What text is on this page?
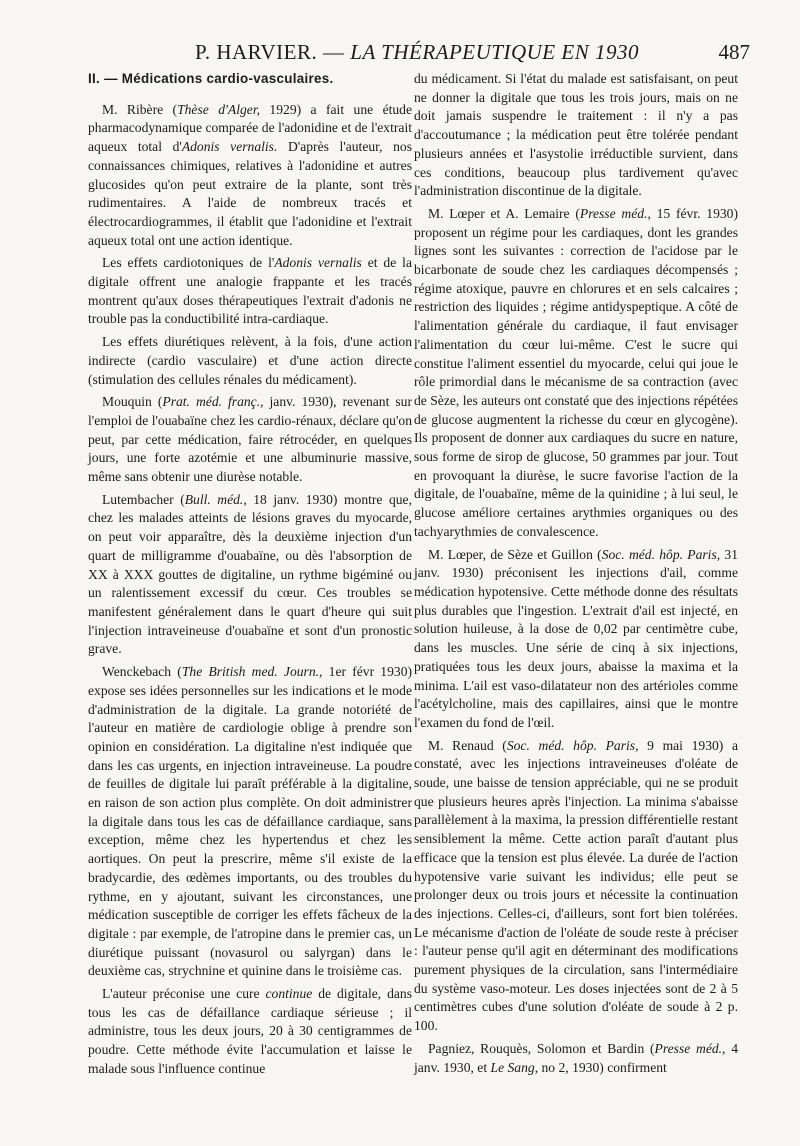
P. HARVIER. — LA THÉRAPEUTIQUE EN 1930	487
II. — Médications cardio-vasculaires.

M. Ribère (Thèse d'Alger, 1929) a fait une étude pharmacodynamique comparée de l'adonidine et de l'extrait aqueux total d'Adonis vernalis. D'après l'auteur, nos connaissances chimiques, relatives à l'adonidine et autres glucosides qu'on peut extraire de la plante, sont très rudimentaires. A l'aide de nombreux tracés et électrocardiogrammes, il établit que l'adonidine et l'extrait aqueux total ont une action identique.

Les effets cardiotoniques de l'Adonis vernalis et de la digitale offrent une analogie frappante et les tracés montrent qu'aux doses thérapeutiques l'extrait d'adonis ne trouble pas la conductibilité intra-cardiaque.

Les effets diurétiques relèvent, à la fois, d'une action indirecte (cardio vasculaire) et d'une action directe (stimulation des cellules rénales du médicament).

Mouquin (Prat. méd. franç., janv. 1930), revenant sur l'emploi de l'ouabaïne chez les cardio-rénaux, déclare qu'on peut, par cette médication, faire rétrocéder, en quelques jours, une forte azotémie et une albuminurie massive, même sans obtenir une diurèse notable.

Lutembacher (Bull. méd., 18 janv. 1930) montre que, chez les malades atteints de lésions graves du myocarde, on peut voir apparaître, dès la deuxième injection d'un quart de milligramme d'ouabaïne, ou dès l'absorption de XX à XXX gouttes de digitaline, un rythme bigéminé ou un ralentissement excessif du cœur. Ces troubles se manifestent généralement dans le quart d'heure qui suit l'injection intraveineuse d'ouabaïne et sont d'un pronostic grave.

Wenckebach (The British med. Journ., 1er févr 1930) expose ses idées personnelles sur les indications et le mode d'administration de la digitale. La grande notoriété de l'auteur en matière de cardiologie oblige à prendre son opinion en considération. La digitaline n'est indiquée que dans les cas urgents, en injection intraveineuse. La poudre de feuilles de digitale lui paraît préférable à la digitaline, en raison de son action plus complète. On doit administrer la digitale dans tous les cas de défaillance cardiaque, sans exception, même chez les hypertendus et chez les aortiques. On peut la prescrire, même s'il existe de la bradycardie, des œdèmes importants, ou des troubles du rythme, en y ajoutant, suivant les circonstances, une médication susceptible de corriger les effets fâcheux de la digitale : par exemple, de l'atropine dans le premier cas, un diurétique puissant (novasurol ou salyrgan) dans le deuxième cas, strychnine et quinine dans le troisième cas.

L'auteur préconise une cure continue de digitale, dans tous les cas de défaillance cardiaque sérieuse ; il administre, tous les deux jours, 20 à 30 centigrammes de poudre. Cette méthode évite l'accumulation et laisse le malade sous l'influence continue

du médicament. Si l'état du malade est satisfaisant, on peut ne donner la digitale que tous les trois jours, mais on ne doit jamais suspendre le traitement : il n'y a pas d'accoutumance ; la médication peut être tolérée pendant plusieurs années et l'asystolie irréductible survient, dans ces conditions, beaucoup plus tardivement qu'avec l'administration discontinue de la digitale.

M. Lœper et A. Lemaire (Presse méd., 15 févr. 1930) proposent un régime pour les cardiaques, dont les grandes lignes sont les suivantes : correction de l'acidose par le bicarbonate de soude chez les cardiaques décompensés ; régime atoxique, pauvre en chlorures et en sels calcaires ; restriction des liquides ; régime antidyspeptique. A côté de l'alimentation générale du cardiaque, il faut envisager l'alimentation du cœur lui-même. C'est le sucre qui constitue l'aliment essentiel du myocarde, celui qui joue le rôle primordial dans le mécanisme de sa contraction (avec de Sèze, les auteurs ont constaté que des injections répétées de glucose augmentent la richesse du cœur en glycogène). Ils proposent de donner aux cardiaques du sucre en nature, sous forme de sirop de glucose, 50 grammes par jour. Tout en provoquant la diurèse, le sucre favorise l'action de la digitale, de l'ouabaïne, même de la quinidine ; à lui seul, le glucose améliore certaines arythmies organiques ou des tachyarythmies de convalescence.

M. Lœper, de Sèze et Guillon (Soc. méd. hôp. Paris, 31 janv. 1930) préconisent les injections d'ail, comme médication hypotensive. Cette méthode donne des résultats plus durables que l'ingestion. L'extrait d'ail est injecté, en solution huileuse, à la dose de 0,02 par centimètre cube, dans les muscles. Une série de cinq à six injections, pratiquées tous les deux jours, abaisse la maxima et la minima. L'ail est vaso-dilatateur non des artérioles comme l'acétylcholine, mais des capillaires, ainsi que le montre l'examen du fond de l'œil.

M. Renaud (Soc. méd. hôp. Paris, 9 mai 1930) a constaté, avec les injections intraveineuses d'oléate de soude, une baisse de tension appréciable, qui ne se produit que plusieurs heures après l'injection. La minima s'abaisse parallèlement à la maxima, la pression différentielle restant sensiblement la même. Cette action paraît d'autant plus efficace que la tension est plus élevée. La durée de l'action hypotensive varie suivant les individus; elle peut se prolonger deux ou trois jours et nécessite la continuation des injections. Celles-ci, d'ailleurs, sont fort bien tolérées. Le mécanisme d'action de l'oléate de soude reste à préciser : l'auteur pense qu'il agit en déterminant des modifications purement physiques de la circulation, sans l'intermédiaire du système vaso-moteur. Les doses injectées sont de 2 à 5 centimètres cubes d'une solution d'oléate de soude à 2 p. 100.

Pagniez, Rouquès, Solomon et Bardin (Presse méd., 4 janv. 1930, et Le Sang, no 2, 1930) confirment
